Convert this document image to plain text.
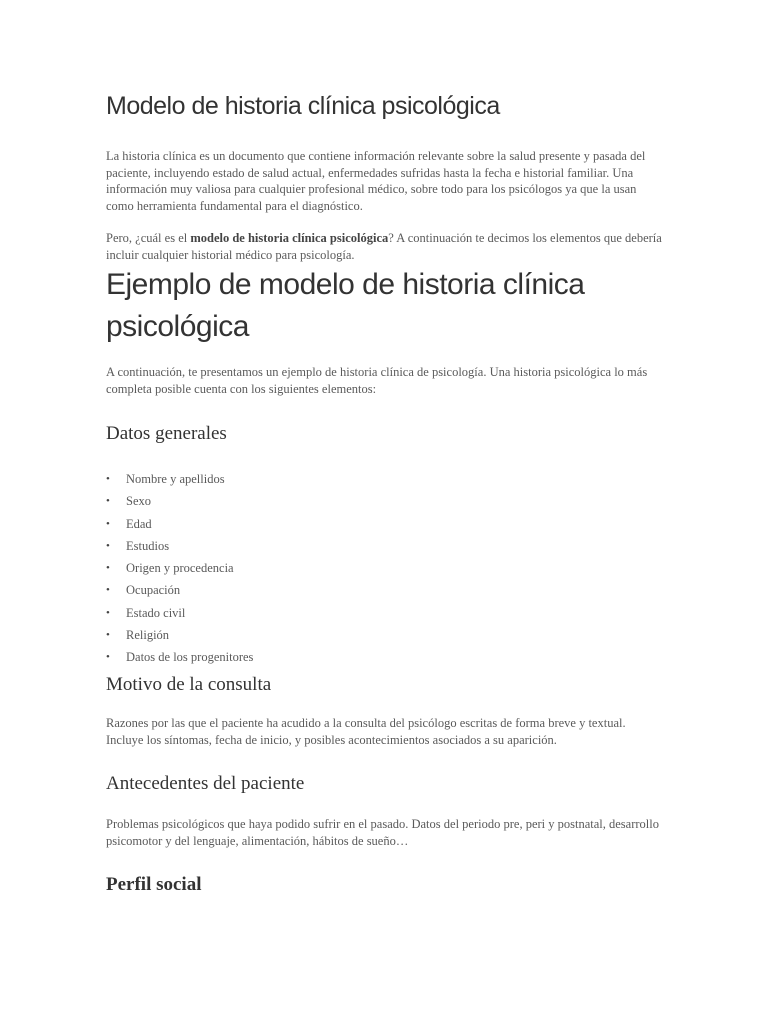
Modelo de historia clínica psicológica

La historia clínica es un documento que contiene información relevante sobre la salud presente y pasada del paciente, incluyendo estado de salud actual, enfermedades sufridas hasta la fecha e historial familiar. Una información muy valiosa para cualquier profesional médico, sobre todo para los psicólogos ya que la usan como herramienta fundamental para el diagnóstico.

Pero, ¿cuál es el modelo de historia clínica psicológica? A continuación te decimos los elementos que debería incluir cualquier historial médico para psicología.

Ejemplo de modelo de historia clínica psicológica

A continuación, te presentamos un ejemplo de historia clínica de psicología. Una historia psicológica lo más completa posible cuenta con los siguientes elementos:

Datos generales
• Nombre y apellidos
• Sexo
• Edad
• Estudios
• Origen y procedencia
• Ocupación
• Estado civil
• Religión
• Datos de los progenitores
Motivo de la consulta

Razones por las que el paciente ha acudido a la consulta del psicólogo escritas de forma breve y textual. Incluye los síntomas, fecha de inicio, y posibles acontecimientos asociados a su aparición.

Antecedentes del paciente

Problemas psicológicos que haya podido sufrir en el pasado. Datos del periodo pre, peri y postnatal, desarrollo psicomotor y del lenguaje, alimentación, hábitos de sueño…

Perfil social
